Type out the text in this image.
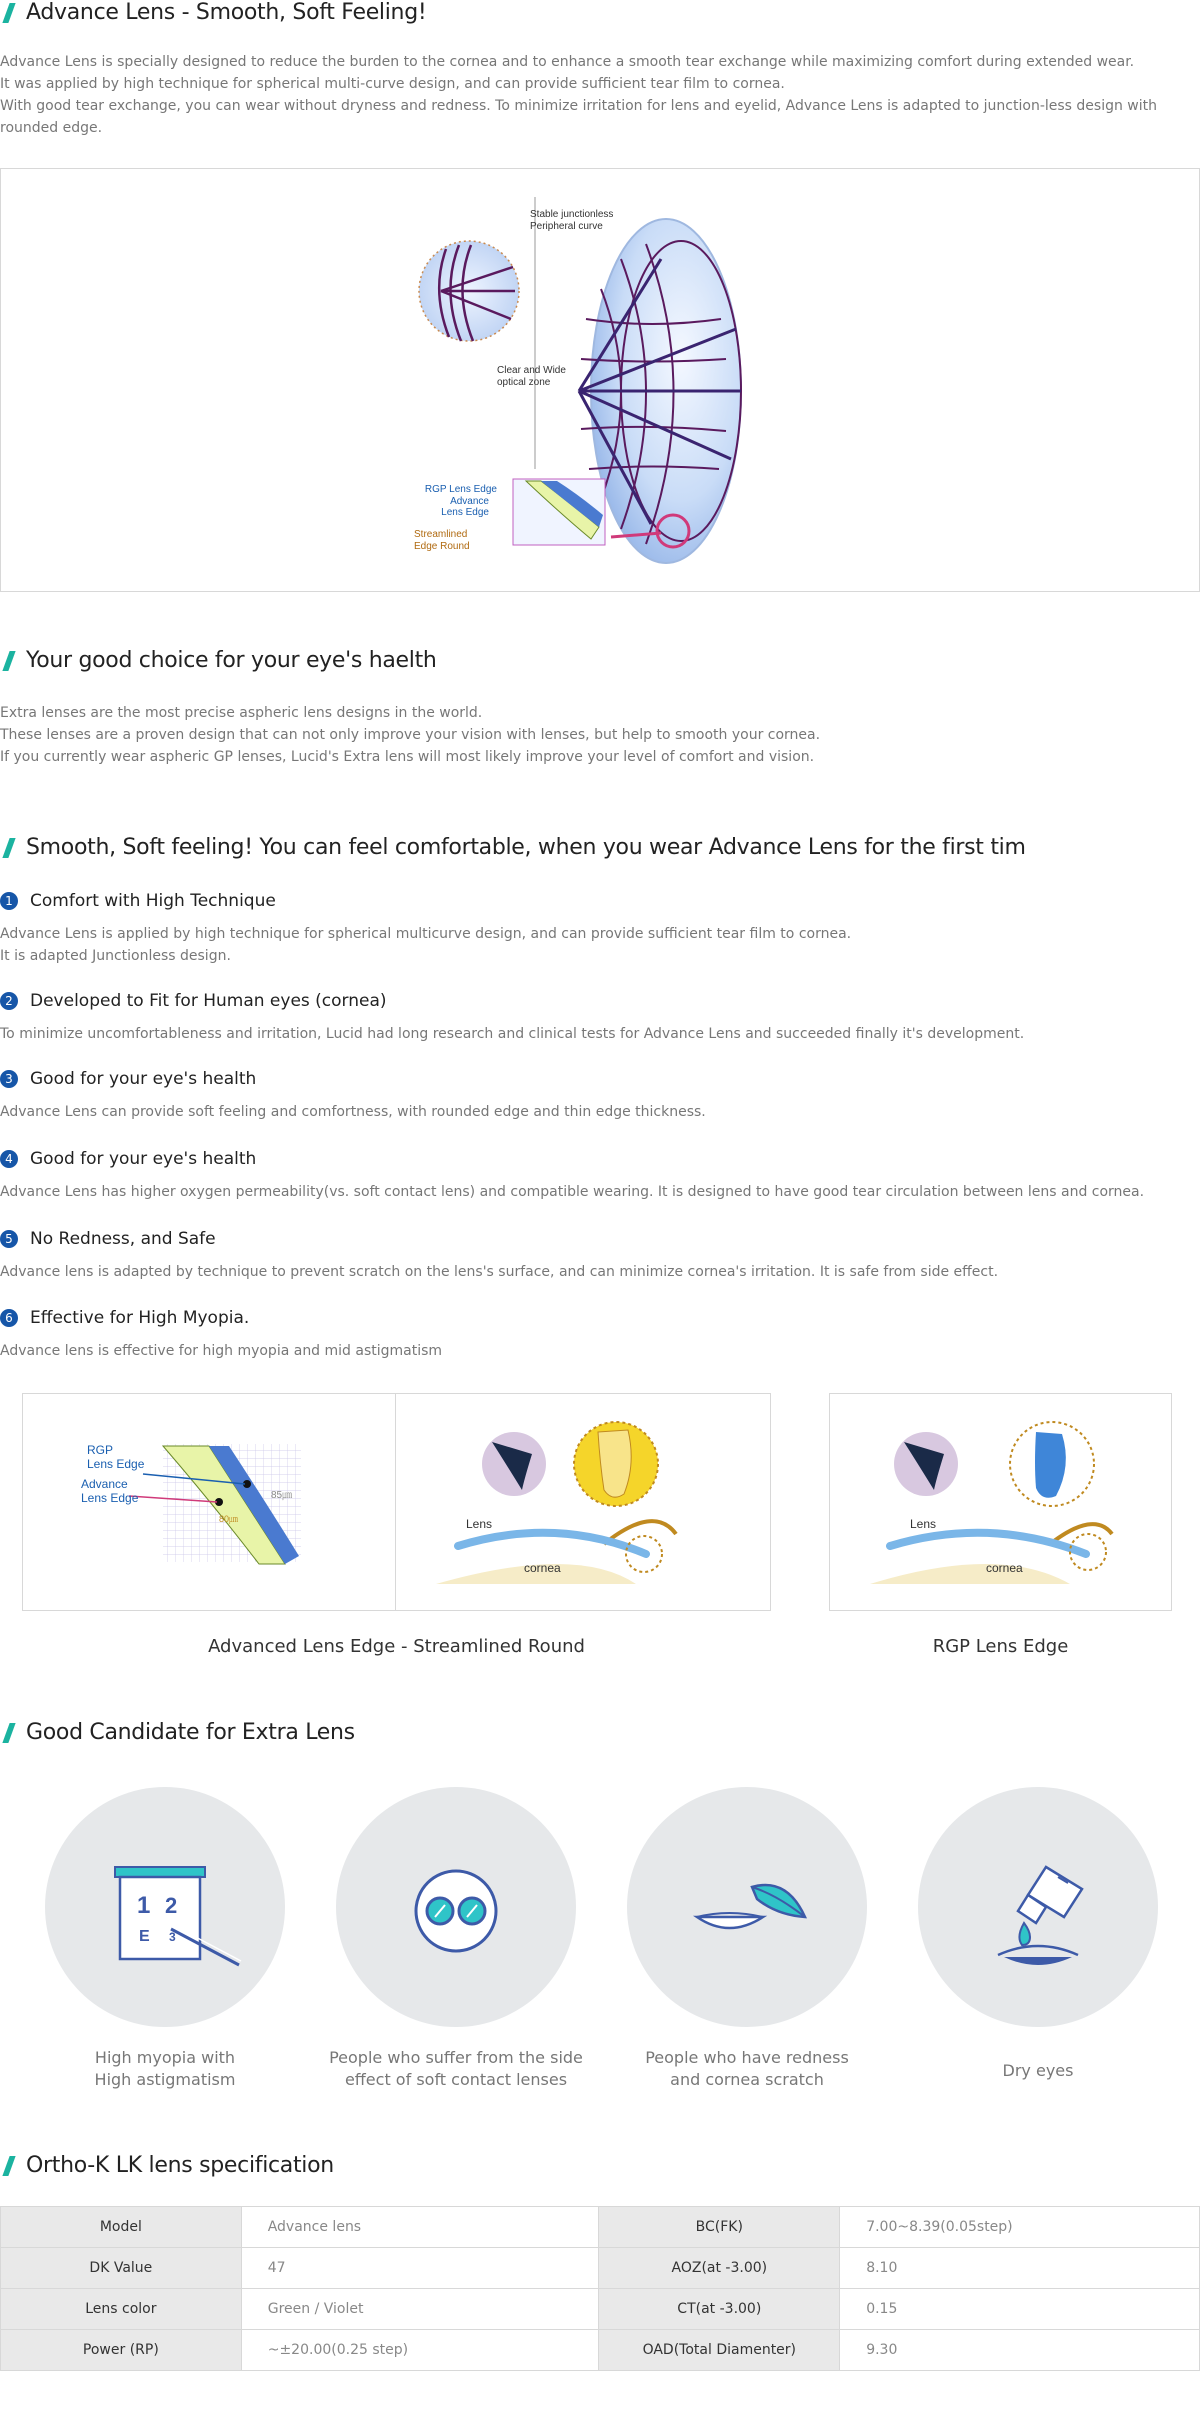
Advance Lens - Smooth, Soft Feeling!

Advance Lens is specially designed to reduce the burden to the cornea and to enhance a smooth tear exchange while maximizing comfort during extended wear.

It was applied by high technique for spherical multi-curve design, and can provide sufficient tear film to cornea.

With good tear exchange, you can wear without dryness and redness. To minimize irritation for lens and eyelid, Advance Lens is adapted to junction-less design with

rounded edge.

Stable junctionless
Peripheral curve
Clear and Wide
optical zone
RGP Lens Edge
Advance
Lens Edge
Streamlined
Edge Round
Your good choice for your eye's haelth

Extra lenses are the most precise aspheric lens designs in the world.

These lenses are a proven design that can not only improve your vision with lenses, but help to smooth your cornea.

If you currently wear aspheric GP lenses, Lucid's Extra lens will most likely improve your level of comfort and vision.

Smooth, Soft feeling! You can feel comfortable, when you wear Advance Lens for the first tim
1	Comfort with High Technique
Advance Lens is applied by high technique for spherical multicurve design, and can provide sufficient tear film to cornea.
It is adapted Junctionless design.
2	Developed to Fit for Human eyes (cornea)
To minimize uncomfortableness and irritation, Lucid had long research and clinical tests for Advance Lens and succeeded finally it's development.
3	Good for your eye's health
Advance Lens can provide soft feeling and comfortness, with rounded edge and thin edge thickness.
4	Good for your eye's health
Advance Lens has higher oxygen permeability(vs. soft contact lens) and compatible wearing. It is designed to have good tear circulation between lens and cornea.
5	No Redness, and Safe
Advance lens is adapted by technique to prevent scratch on the lens's surface, and can minimize cornea's irritation. It is safe from side effect.
6	Effective for High Myopia.
Advance lens is effective for high myopia and mid astigmatism
RGP
Lens Edge
Advance
Lens Edge	85㎛
80㎛	Lens
cornea
Lens
cornea
Advanced Lens Edge - Streamlined Round	RGP Lens Edge
Good Candidate for Extra Lens
1 2
E 3
High myopia with
High astigmatism
People who suffer from the side
effect of soft contact lenses
People who have redness
and cornea scratch	Dry eyes
Ortho-K LK lens specification
Model	Advance lens	BC(FK)	7.00~8.39(0.05step)
DK Value	47	AOZ(at -3.00)	8.10
Lens color	Green / Violet	CT(at -3.00)	0.15
Power (RP)	~±20.00(0.25 step)	OAD(Total Diamenter)	9.30
